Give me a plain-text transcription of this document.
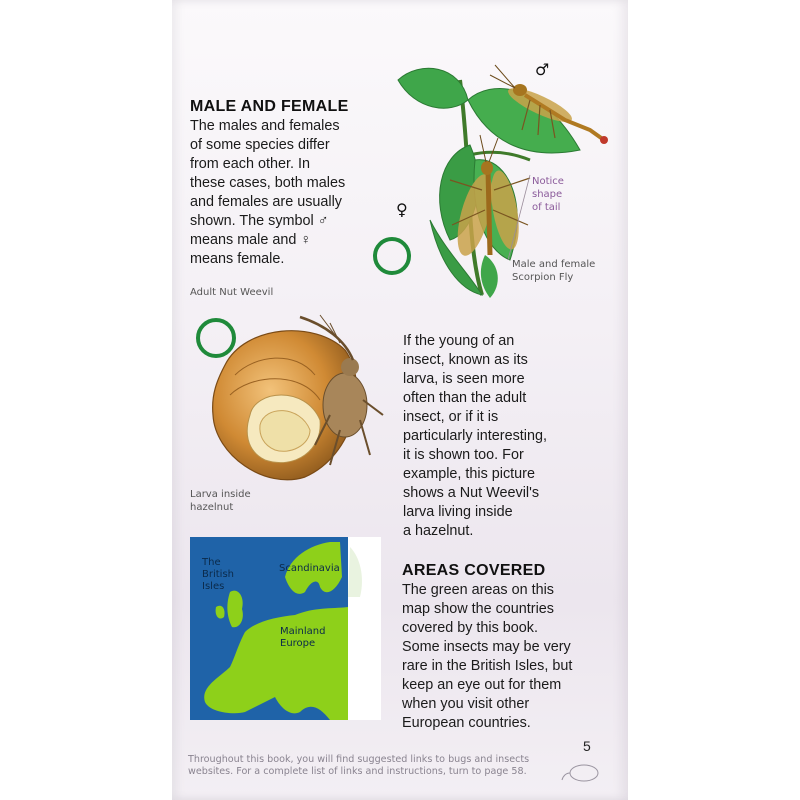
MALE AND FEMALE

The males and females

of some species differ

from each other. In

these cases, both males

and females are usually

shown. The symbol ♂

means male and ♀

means female.

♂
♀
Notice
shape
of tail
Male and female
Scorpion Fly
Adult Nut Weevil
Larva inside
hazelnut

If the young of an

insect, known as its

larva, is seen more

often than the adult

insect, or if it is

particularly interesting,

it is shown too. For

example, this picture

shows a Nut Weevil's

larva living inside

a hazelnut.

The
British
Isles
Scandinavia
Mainland
Europe
AREAS COVERED

The green areas on this

map show the countries

covered by this book.

Some insects may be very

rare in the British Isles, but

keep an eye out for them

when you visit other

European countries.

5
Throughout this book, you will find suggested links to bugs and insects
websites. For a complete list of links and instructions, turn to page 58.
